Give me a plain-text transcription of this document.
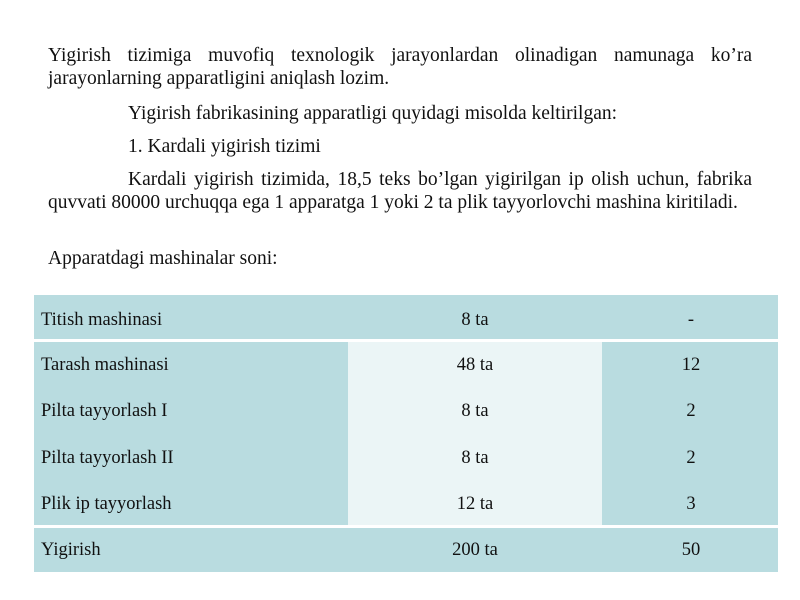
Yigirish tizimiga muvofiq texnologik jarayonlardan olinadigan namunaga ko’ra jarayonlarning apparatligini aniqlash lozim.

Yigirish fabrikasining apparatligi quyidagi misolda keltirilgan:

1. Kardali yigirish tizimi

Kardali yigirish tizimida, 18,5 teks bo’lgan yigirilgan ip olish uchun, fabrika quvvati 80000 urchuqqa ega 1 apparatga 1 yoki 2 ta plik tayyorlovchi mashina kiritiladi.

Apparatdagi mashinalar soni:

Titish mashinasi	8 ta	-
Tarash mashinasi	48 ta	12
Pilta tayyorlash I	8 ta	2
Pilta tayyorlash II	8 ta	2
Plik ip tayyorlash	12 ta	3
Yigirish	200 ta	50
